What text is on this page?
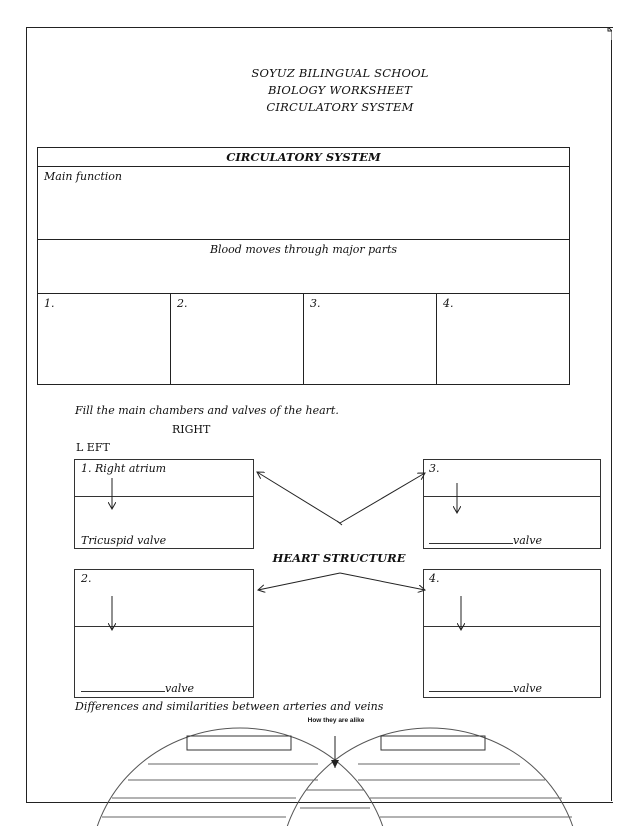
SOYUZ BILINGUAL SCHOOL
BIOLOGY WORKSHEET
CIRCULATORY SYSTEM
CIRCULATORY SYSTEM
Main function
Blood moves through major parts
1.	2.	3.	4.
Fill the main chambers and valves of the heart.
RIGHT
L EFT
1. Right atrium
Tricuspid valve
3.
valve
HEART STRUCTURE
2.
valve
4.
valve
Differences and similarities between arteries and veins
How they are alike
